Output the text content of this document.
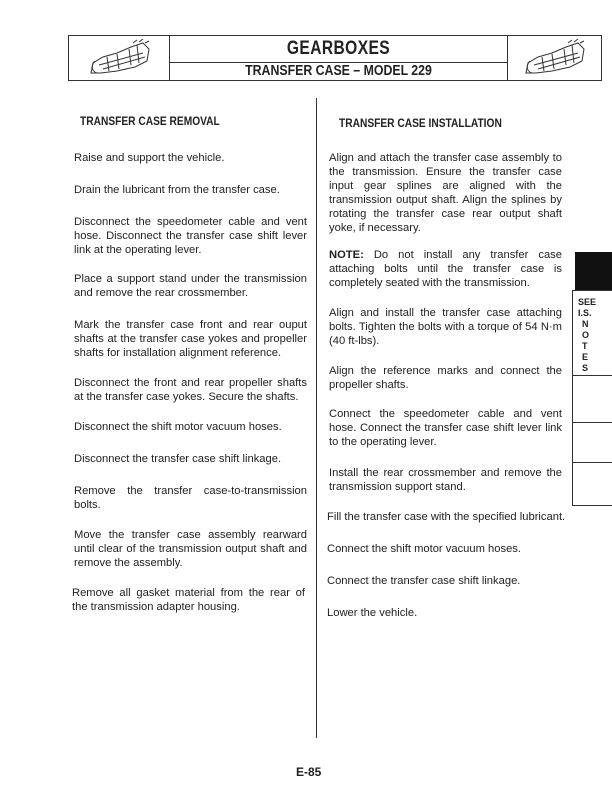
GEARBOXES
TRANSFER CASE – MODEL 229
TRANSFER CASE REMOVAL

Raise and support the vehicle.

Drain the lubricant from the transfer case.

Disconnect the speedometer cable and vent hose. Disconnect the transfer case shift lever link at the operating lever.

Place a support stand under the transmission and remove the rear crossmember.

Mark the transfer case front and rear ouput shafts at the transfer case yokes and propeller shafts for installation alignment reference.

Disconnect the front and rear propeller shafts at the transfer case yokes. Secure the shafts.

Disconnect the shift motor vacuum hoses.

Disconnect the transfer case shift linkage.

Remove the transfer case-to-transmission bolts.

Move the transfer case assembly rearward until clear of the transmission output shaft and remove the assembly.

Remove all gasket material from the rear of the transmission adapter housing.

TRANSFER CASE INSTALLATION

Align and attach the transfer case assembly to the transmission. Ensure the transfer case input gear splines are aligned with the transmission output shaft. Align the splines by rotating the transfer case rear output shaft yoke, if necessary.

NOTE: Do not install any transfer case attaching bolts until the transfer case is completely seated with the transmission.

Align and install the transfer case attaching bolts. Tighten the bolts with a torque of 54 N·m (40 ft-lbs).

Align the reference marks and connect the propeller shafts.

Connect the speedometer cable and vent hose. Connect the transfer case shift lever link to the operating lever.

Install the rear crossmember and remove the transmission support stand.

Fill the transfer case with the specified lubricant.

Connect the shift motor vacuum hoses.

Connect the transfer case shift linkage.

Lower the vehicle.

SEE
I.S.
N
O
T
E
S
E-85
